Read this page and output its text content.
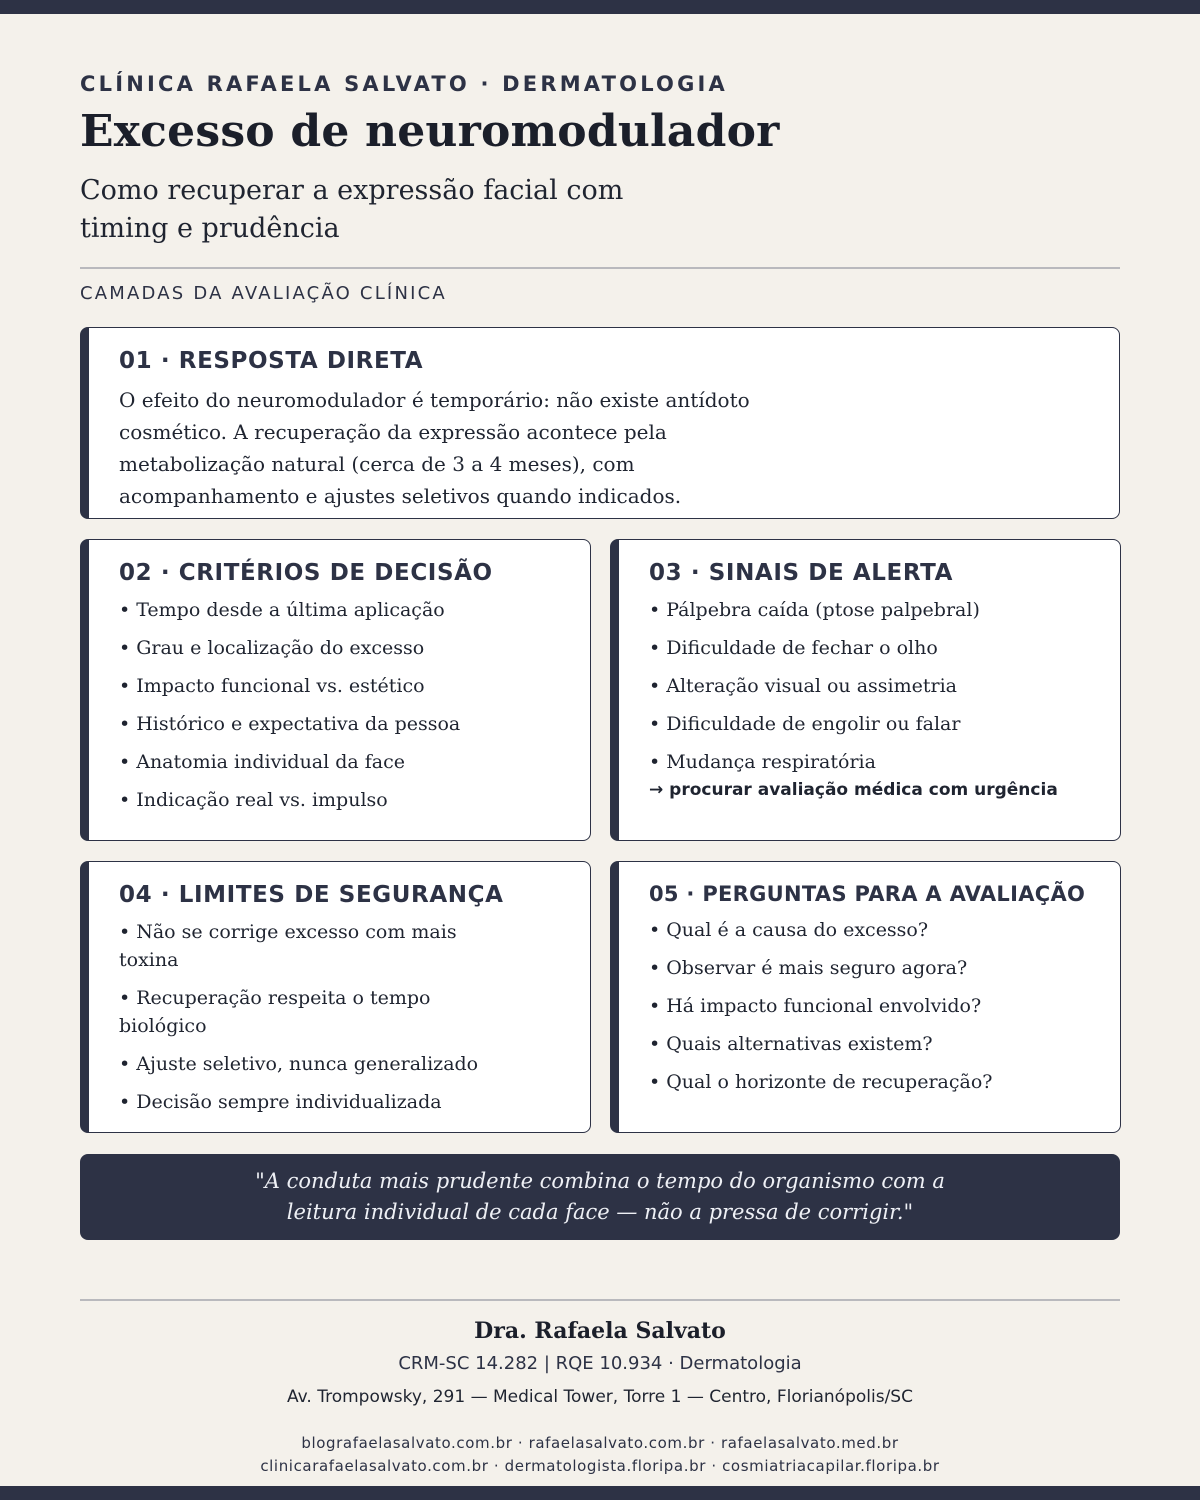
CLÍNICA RAFAELA SALVATO · DERMATOLOGIA
Excesso de neuromodulador

Como recuperar a expressão facial com timing e prudência

CAMADAS DA AVALIAÇÃO CLÍNICA
01 · RESPOSTA DIRETA

O efeito do neuromodulador é temporário: não existe antídoto cosmético. A recuperação da expressão acontece pela metabolização natural (cerca de 3 a 4 meses), com acompanhamento e ajustes seletivos quando indicados.

02 · CRITÉRIOS DE DECISÃO
• Tempo desde a última aplicação
• Grau e localização do excesso
• Impacto funcional vs. estético
• Histórico e expectativa da pessoa
• Anatomia individual da face
• Indicação real vs. impulso
03 · SINAIS DE ALERTA
• Pálpebra caída (ptose palpebral)
• Dificuldade de fechar o olho
• Alteração visual ou assimetria
• Dificuldade de engolir ou falar
• Mudança respiratória
→ procurar avaliação médica com urgência
04 · LIMITES DE SEGURANÇA
• Não se corrige excesso com mais toxina
• Recuperação respeita o tempo biológico
• Ajuste seletivo, nunca generalizado
• Decisão sempre individualizada
05 · PERGUNTAS PARA A AVALIAÇÃO
• Qual é a causa do excesso?
• Observar é mais seguro agora?
• Há impacto funcional envolvido?
• Quais alternativas existem?
• Qual o horizonte de recuperação?

"A conduta mais prudente combina o tempo do organismo com a leitura individual de cada face — não a pressa de corrigir."

Dra. Rafaela Salvato
CRM-SC 14.282 | RQE 10.934 · Dermatologia
Av. Trompowsky, 291 — Medical Tower, Torre 1 — Centro, Florianópolis/SC
blografaelasalvato.com.br · rafaelasalvato.com.br · rafaelasalvato.med.br
clinicarafaelasalvato.com.br · dermatologista.floripa.br · cosmiatriacapilar.floripa.br
